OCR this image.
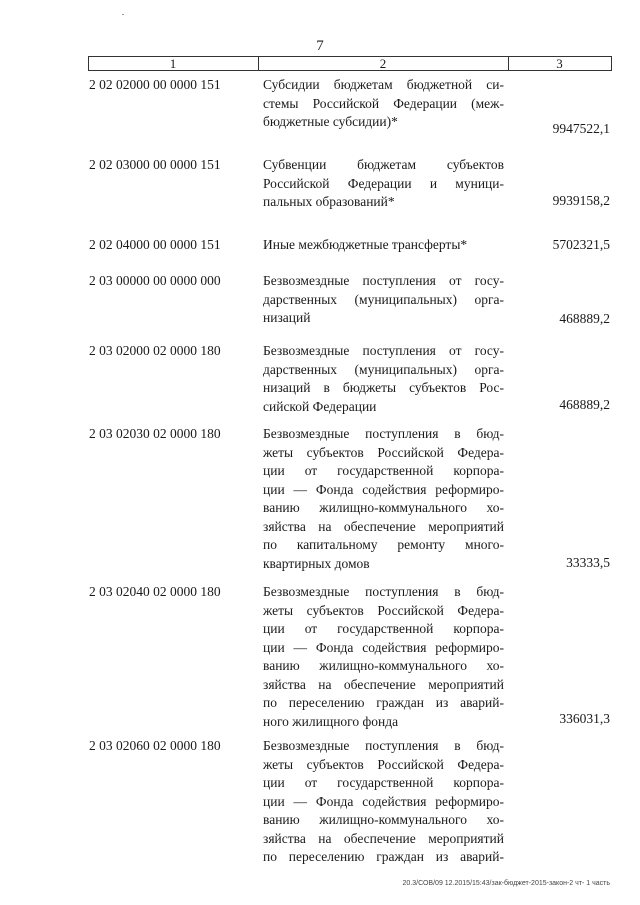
7
1	2	3
2 02 02000 00 0000 151	Субсидии бюджетам бюджетной си-
стемы Российской Федерации (меж-
бюджетные субсидии)*	9947522,1
2 02 03000 00 0000 151	Субвенции бюджетам субъектов
Российской Федерации и муници-
пальных образований*	9939158,2
2 02 04000 00 0000 151	Иные межбюджетные трансферты*	5702321,5
2 03 00000 00 0000 000	Безвозмездные поступления от госу-
дарственных (муниципальных) орга-
низаций	468889,2
2 03 02000 02 0000 180	Безвозмездные поступления от госу-
дарственных (муниципальных) орга-
низаций в бюджеты субъектов Рос-
сийской Федерации	468889,2
2 03 02030 02 0000 180	Безвозмездные поступления в бюд-
жеты субъектов Российской Федера-
ции от государственной корпора-
ции — Фонда содействия реформиро-
ванию жилищно-коммунального хо-
зяйства на обеспечение мероприятий
по капитальному ремонту много-
квартирных домов	33333,5
2 03 02040 02 0000 180	Безвозмездные поступления в бюд-
жеты субъектов Российской Федера-
ции от государственной корпора-
ции — Фонда содействия реформиро-
ванию жилищно-коммунального хо-
зяйства на обеспечение мероприятий
по переселению граждан из аварий-
ного жилищного фонда	336031,3
2 03 02060 02 0000 180	Безвозмездные поступления в бюд-
жеты субъектов Российской Федера-
ции от государственной корпора-
ции — Фонда содействия реформиро-
ванию жилищно-коммунального хо-
зяйства на обеспечение мероприятий
по переселению граждан из аварий-
20.3/СОВ/09 12.2015/15:43/зак-бюджет-2015-закон-2 чт- 1 часть
